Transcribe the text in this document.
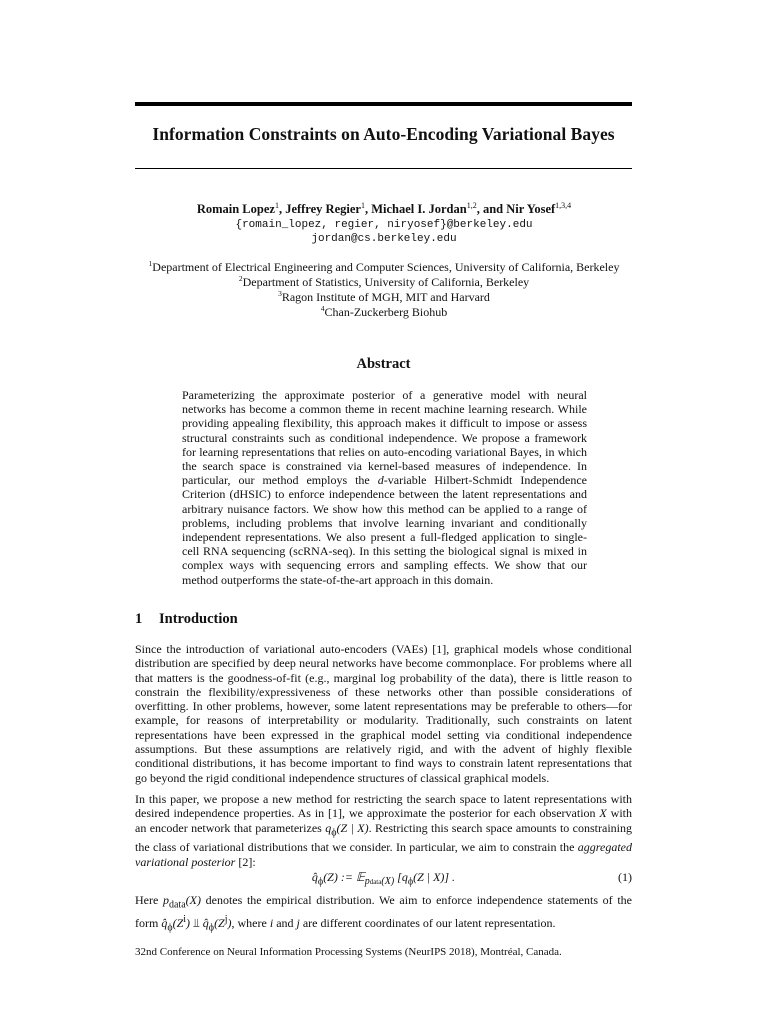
Information Constraints on Auto-Encoding Variational Bayes
Romain Lopez$^1$, Jeffrey Regier$^1$, Michael I. Jordan$^{1,2}$, and Nir Yosef$^{1,3,4}$
{romain_lopez, regier, niryosef}@berkeley.edu
jordan@cs.berkeley.edu
$^1$Department of Electrical Engineering and Computer Sciences, University of California, Berkeley
$^2$Department of Statistics, University of California, Berkeley
$^3$Ragon Institute of MGH, MIT and Harvard
$^4$Chan-Zuckerberg Biohub
Abstract

Parameterizing the approximate posterior of a generative model with neural networks has become a common theme in recent machine learning research. While providing appealing flexibility, this approach makes it difficult to impose or assess structural constraints such as conditional independence. We propose a framework for learning representations that relies on auto-encoding variational Bayes, in which the search space is constrained via kernel-based measures of independence. In particular, our method employs the d-variable Hilbert-Schmidt Independence Criterion (dHSIC) to enforce independence between the latent representations and arbitrary nuisance factors. We show how this method can be applied to a range of problems, including problems that involve learning invariant and conditionally independent representations. We also present a full-fledged application to single-cell RNA sequencing (scRNA-seq). In this setting the biological signal is mixed in complex ways with sequencing errors and sampling effects. We show that our method outperforms the state-of-the-art approach in this domain.

1 Introduction

Since the introduction of variational auto-encoders (VAEs) [1], graphical models whose conditional distribution are specified by deep neural networks have become commonplace. For problems where all that matters is the goodness-of-fit (e.g., marginal log probability of the data), there is little reason to constrain the flexibility/expressiveness of these networks other than possible considerations of overfitting. In other problems, however, some latent representations may be preferable to others—for example, for reasons of interpretability or modularity. Traditionally, such constraints on latent representations have been expressed in the graphical model setting via conditional independence assumptions. But these assumptions are relatively rigid, and with the advent of highly flexible conditional distributions, it has become important to find ways to constrain latent representations that go beyond the rigid conditional independence structures of classical graphical models.

In this paper, we propose a new method for restricting the search space to latent representations with desired independence properties. As in [1], we approximate the posterior for each observation X with an encoder network that parameterizes $q_\phi(Z$ | X). Restricting this search space amounts to constraining the class of variational distributions that we consider. In particular, we aim to constrain the aggregated variational posterior [2]:

$q̂_\phi(Z)$ := 𝔼$_{pdata(X)}$ [$q_\phi(Z$ | X)] .	(1)

Here $p_{data}(X)$ denotes the empirical distribution. We aim to enforce independence statements of the form $q̂_\phi(Z^i)$ ⫫ $q̂_\phi(Z^j)$, where i and j are different coordinates of our latent representation.

32nd Conference on Neural Information Processing Systems (NeurIPS 2018), Montréal, Canada.
